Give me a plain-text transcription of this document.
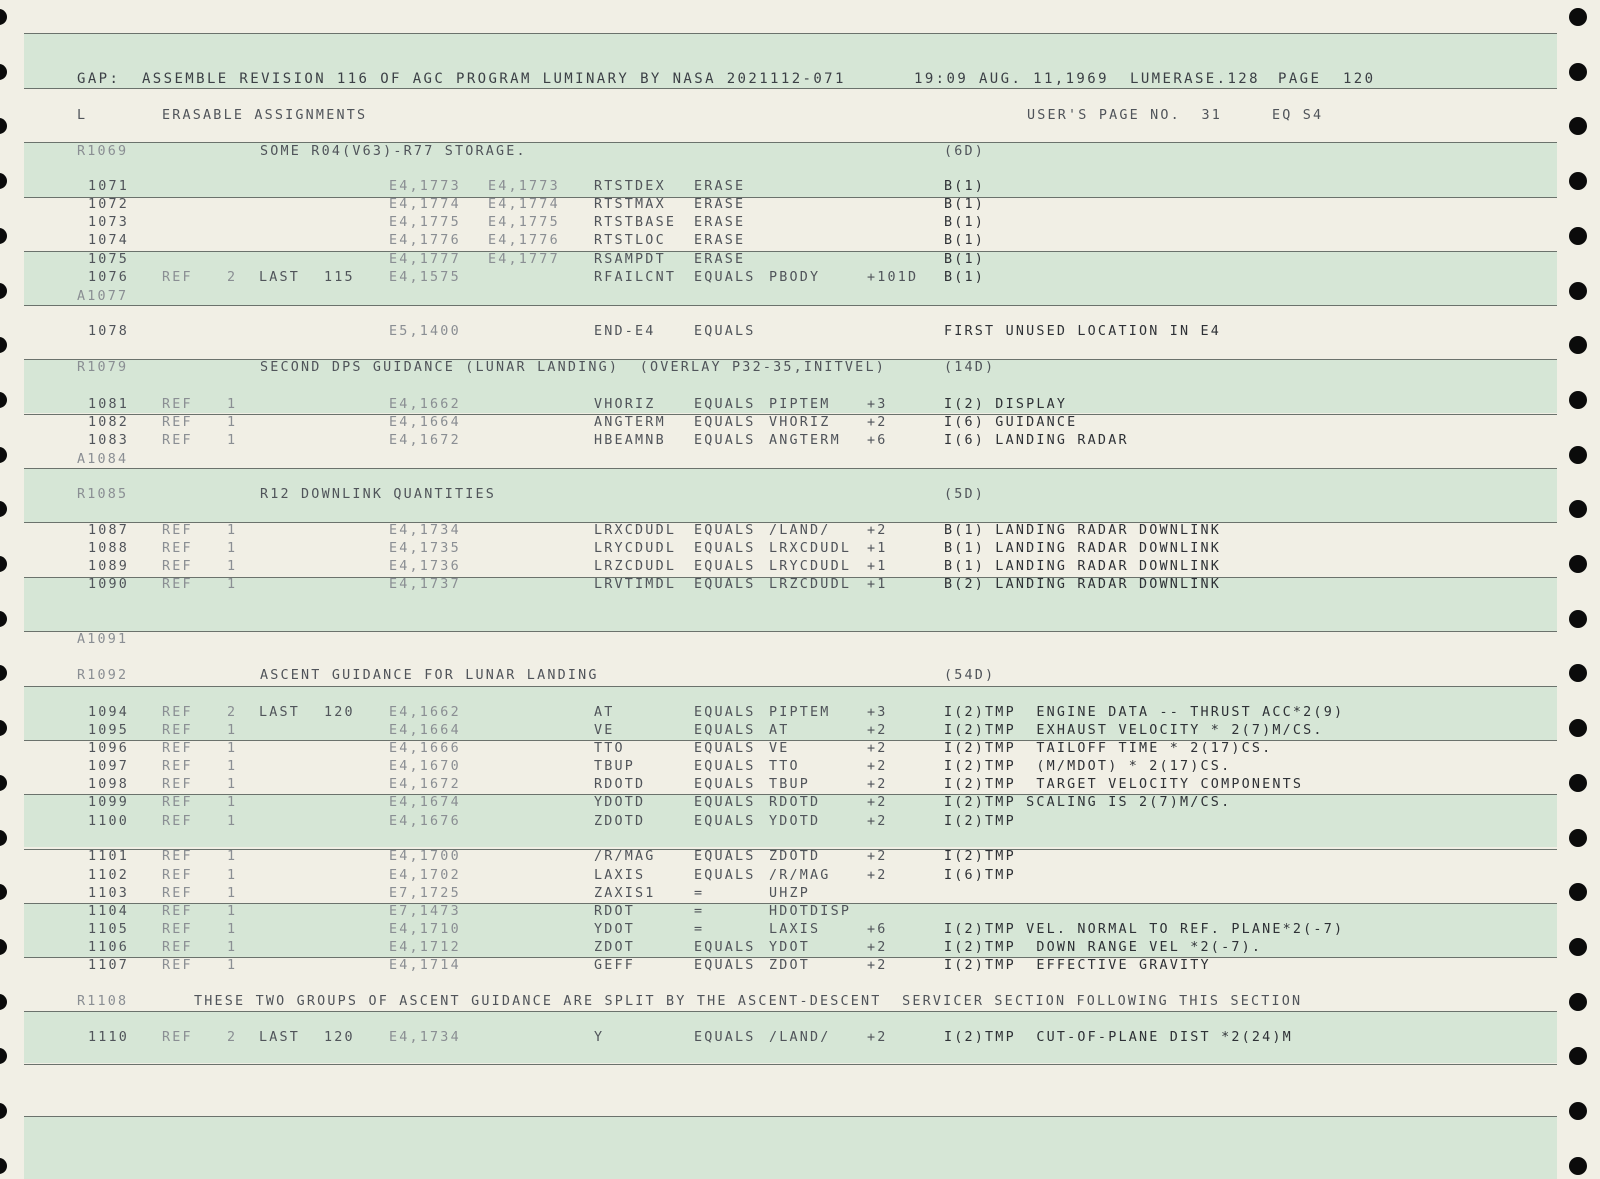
GAP:  ASSEMBLE REVISION 116 OF AGC PROGRAM LUMINARY BY NASA 2021112-071	19:09 AUG. 11,1969 LUMERASE.128 PAGE  120
L	ERASABLE ASSIGNMENTS	USER'S PAGE NO.  31	EQ S4
R1069	SOME R04(V63)-R77 STORAGE.	(6D)
1071	E4,1773 E4,1773	RTSTDEX ERASE	B(1)
1072	E4,1774 E4,1774	RTSTMAX ERASE	B(1)
1073	E4,1775 E4,1775	RTSTBASE ERASE	B(1)
1074	E4,1776 E4,1776	RTSTLOC ERASE	B(1)
1075	E4,1777 E4,1777	RSAMPDT ERASE	B(1)
1076 REF	2 LAST 115	E4,1575	RFAILCNT EQUALS PBODY	+101D B(1)
A1077
1078	E5,1400	END-E4	EQUALS	FIRST UNUSED LOCATION IN E4
R1079	SECOND DPS GUIDANCE (LUNAR LANDING)  (OVERLAY P32-35,INITVEL)	(14D)
1081 REF	1	E4,1662	VHORIZ	EQUALS PIPTEM	+3	I(2) DISPLAY
1082 REF	1	E4,1664	ANGTERM EQUALS VHORIZ	+2	I(6) GUIDANCE
1083 REF	1	E4,1672	HBEAMNB EQUALS ANGTERM +6	I(6) LANDING RADAR
A1084
R1085	R12 DOWNLINK QUANTITIES	(5D)
1087 REF	1	E4,1734	LRXCDUDL EQUALS /LAND/	+2	B(1) LANDING RADAR DOWNLINK
1088 REF	1	E4,1735	LRYCDUDL EQUALS LRXCDUDL +1	B(1) LANDING RADAR DOWNLINK
1089 REF	1	E4,1736	LRZCDUDL EQUALS LRYCDUDL +1	B(1) LANDING RADAR DOWNLINK
1090 REF	1	E4,1737	LRVTIMDL EQUALS LRZCDUDL +1	B(2) LANDING RADAR DOWNLINK
A1091
R1092	ASCENT GUIDANCE FOR LUNAR LANDING	(54D)
1094 REF	2 LAST 120	E4,1662	AT	EQUALS PIPTEM	+3	I(2)TMP  ENGINE DATA -- THRUST ACC*2(9)
1095 REF	1	E4,1664	VE	EQUALS AT	+2	I(2)TMP  EXHAUST VELOCITY * 2(7)M/CS.
1096 REF	1	E4,1666	TTO	EQUALS VE	+2	I(2)TMP  TAILOFF TIME * 2(17)CS.
1097 REF	1	E4,1670	TBUP	EQUALS TTO	+2	I(2)TMP  (M/MDOT) * 2(17)CS.
1098 REF	1	E4,1672	RDOTD	EQUALS TBUP	+2	I(2)TMP  TARGET VELOCITY COMPONENTS
1099 REF	1	E4,1674	YDOTD	EQUALS RDOTD	+2	I(2)TMP SCALING IS 2(7)M/CS.
1100 REF	1	E4,1676	ZDOTD	EQUALS YDOTD	+2	I(2)TMP
1101 REF	1	E4,1700	/R/MAG	EQUALS ZDOTD	+2	I(2)TMP
1102 REF	1	E4,1702	LAXIS	EQUALS /R/MAG	+2	I(6)TMP
1103 REF	1	E7,1725	ZAXIS1	=	UHZP
1104 REF	1	E7,1473	RDOT	=	HDOTDISP
1105 REF	1	E4,1710	YDOT	=	LAXIS	+6	I(2)TMP VEL. NORMAL TO REF. PLANE*2(-7)
1106 REF	1	E4,1712	ZDOT	EQUALS YDOT	+2	I(2)TMP  DOWN RANGE VEL *2(-7).
1107 REF	1	E4,1714	GEFF	EQUALS ZDOT	+2	I(2)TMP  EFFECTIVE GRAVITY
R1108	THESE TWO GROUPS OF ASCENT GUIDANCE ARE SPLIT BY THE ASCENT-DESCENT  SERVICER SECTION FOLLOWING THIS SECTION
1110 REF	2 LAST 120	E4,1734	Y	EQUALS /LAND/	+2	I(2)TMP  CUT-OF-PLANE DIST *2(24)M
